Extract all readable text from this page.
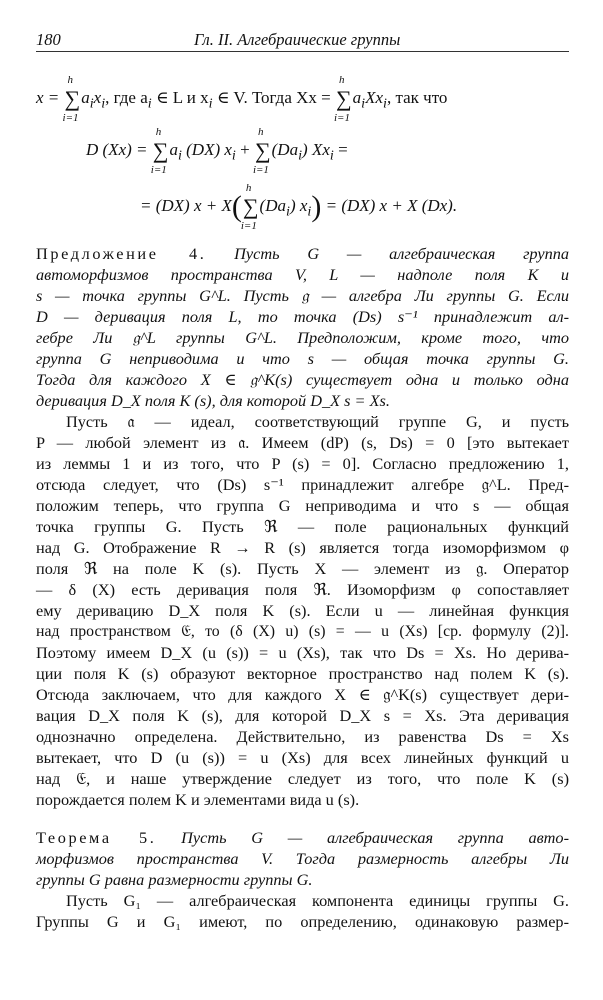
180	Гл. II. Алгебраические группы
x = ∑
h
i=1
$a_ix_i$, где $a_i$ ∈ L и $x_i$ ∈ V. Тогда Xx = ∑
h
i=1
$a_iXx_i$, так что
D (Xx) = ∑
h
i=1
$a_i$ (DX) $x_i$ + ∑
h
i=1
$(Da_i) Xx_i$ =
= (DX) x + X(∑
h
i=1
$(Da_i) x_i) = (DX)$ x + X (Dx).
Предложение 4. Пусть G — алгебраическая группа
автоморфизмов пространства V, L — надполе поля K и
s — точка группы G^L. Пусть 𝔤 — алгебра Ли группы G. Если
D — деривация поля L, то точка (Ds) s⁻¹ принадлежит ал-
гебре Ли 𝔤^L группы G^L. Предположим, кроме того, что
группа G неприводима и что s — общая точка группы G.
Тогда для каждого X ∈ 𝔤^K(s) существует одна и только одна
деривация D_X поля K (s), для которой D_X s = Xs.
Пусть 𝔞 — идеал, соответствующий группе G, и пусть
P — любой элемент из 𝔞. Имеем (dP) (s, Ds) = 0 [это вытекает
из леммы 1 и из того, что P (s) = 0]. Согласно предложению 1,
отсюда следует, что (Ds) s⁻¹ принадлежит алгебре 𝔤^L. Пред-
положим теперь, что группа G неприводима и что s — общая
точка группы G. Пусть ℜ — поле рациональных функций
над G. Отображение R → R (s) является тогда изоморфизмом φ
поля ℜ на поле K (s). Пусть X — элемент из 𝔤. Оператор
— δ (X) есть деривация поля ℜ. Изоморфизм φ сопоставляет
ему деривацию D_X поля K (s). Если u — линейная функция
над пространством 𝔈, то (δ (X) u) (s) = — u (Xs) [ср. формулу (2)].
Поэтому имеем D_X (u (s)) = u (Xs), так что Ds = Xs. Но дерива-
ции поля K (s) образуют векторное пространство над полем K (s).
Отсюда заключаем, что для каждого X ∈ 𝔤^K(s) существует дери-
вация D_X поля K (s), для которой D_X s = Xs. Эта деривация
однозначно определена. Действительно, из равенства Ds = Xs
вытекает, что D (u (s)) = u (Xs) для всех линейных функций u
над 𝔈, и наше утверждение следует из того, что поле K (s)
порождается полем K и элементами вида u (s).
Теорема 5. Пусть G — алгебраическая группа авто-
морфизмов пространства V. Тогда размерность алгебры Ли
группы G равна размерности группы G.
Пусть G₁ — алгебраическая компонента единицы группы G.
Группы G и G₁ имеют, по определению, одинаковую размер-
